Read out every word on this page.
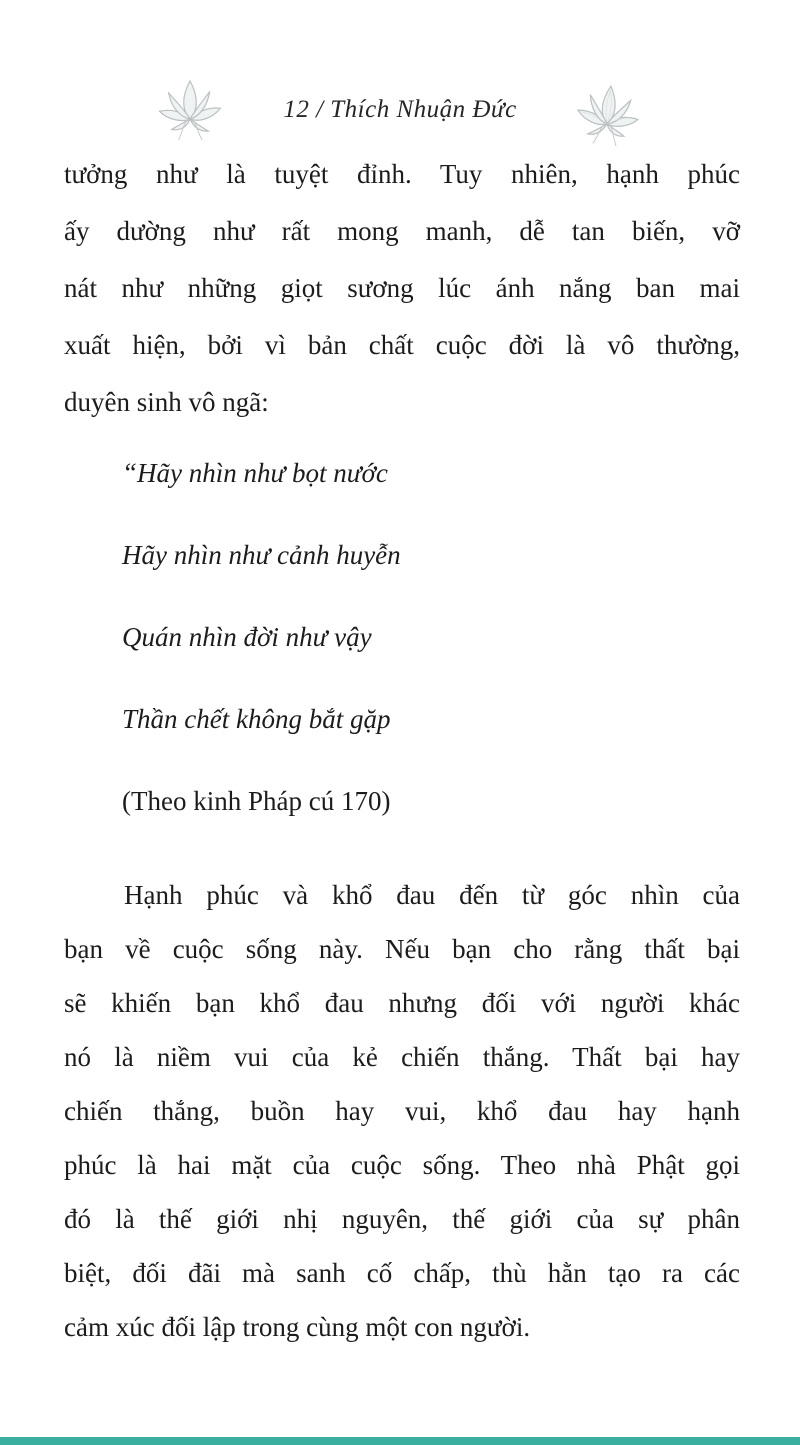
12 / Thích Nhuận Đức
tưởng như là tuyệt đỉnh. Tuy nhiên, hạnh phúc
ấy dường như rất mong manh, dễ tan biến, vỡ
nát như những giọt sương lúc ánh nắng ban mai
xuất hiện, bởi vì bản chất cuộc đời là vô thường,
duyên sinh vô ngã:
“Hãy nhìn như bọt nước
Hãy nhìn như cảnh huyễn
Quán nhìn đời như vậy
Thần chết không bắt gặp
(Theo kinh Pháp cú 170)
Hạnh phúc và khổ đau đến từ góc nhìn của
bạn về cuộc sống này. Nếu bạn cho rằng thất bại
sẽ khiến bạn khổ đau nhưng đối với người khác
nó là niềm vui của kẻ chiến thắng. Thất bại hay
chiến thắng, buồn hay vui, khổ đau hay hạnh
phúc là hai mặt của cuộc sống. Theo nhà Phật gọi
đó là thế giới nhị nguyên, thế giới của sự phân
biệt, đối đãi mà sanh cố chấp, thù hằn tạo ra các
cảm xúc đối lập trong cùng một con người.
